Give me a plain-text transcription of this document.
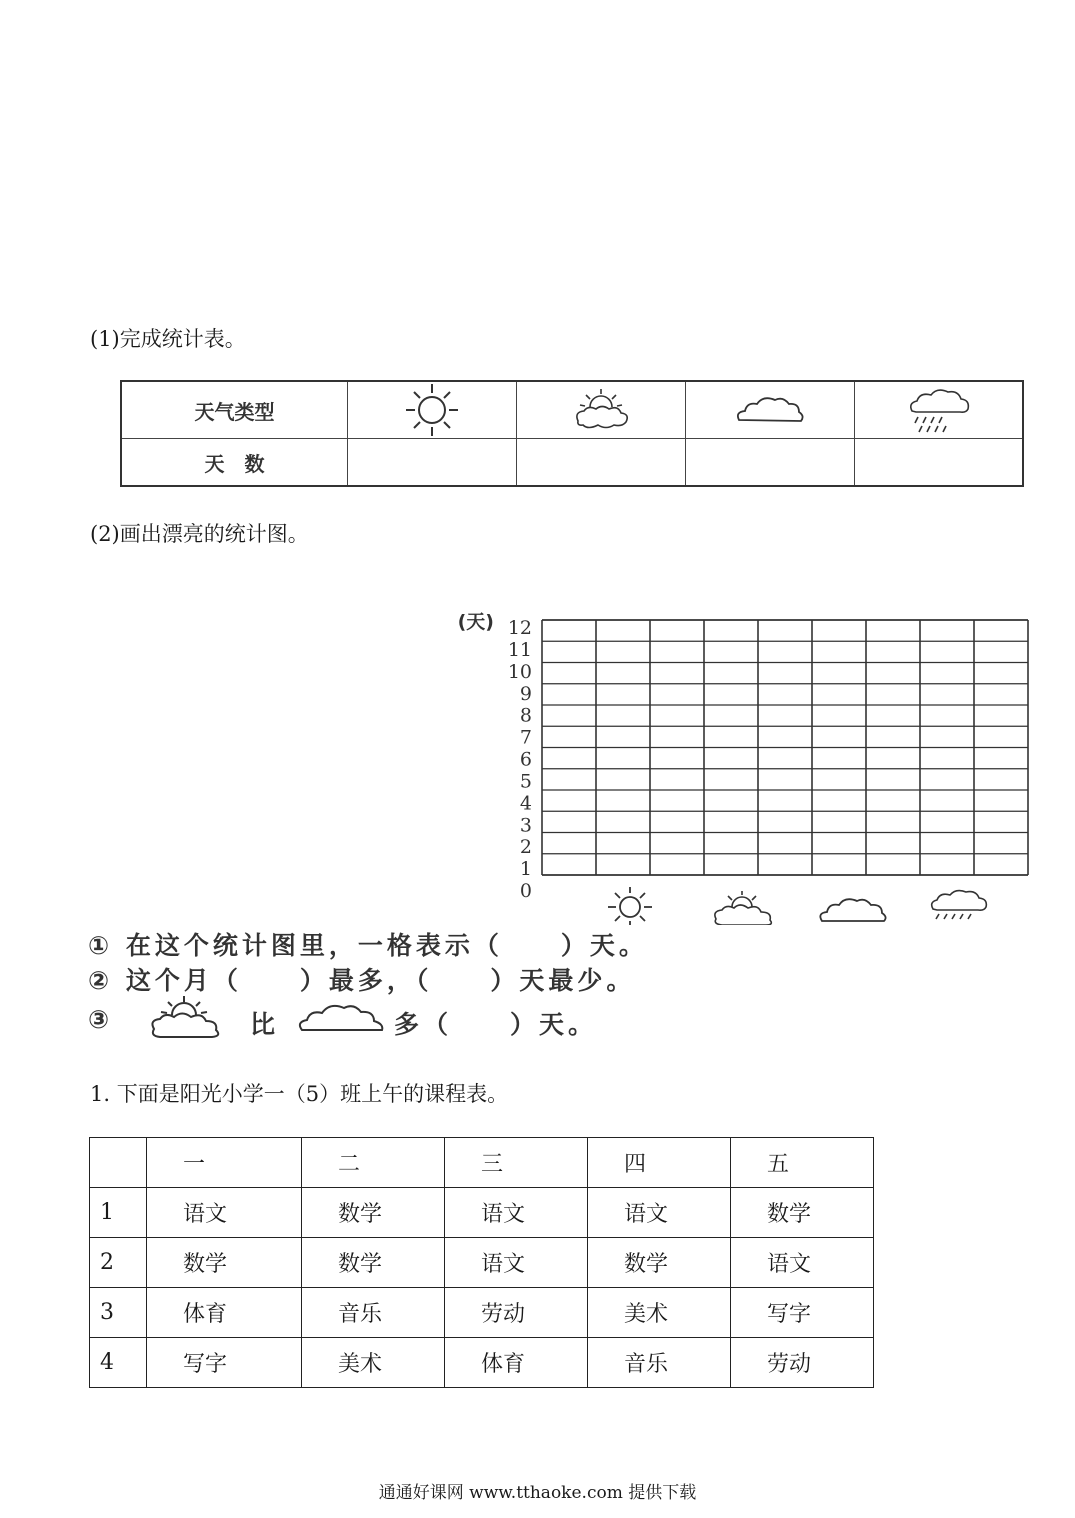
(1)完成统计表。
天气类型
天　数
(2)画出漂亮的统计图。
0
1
2
3
4
5
6
7
8
9
10
11
12
(天)
① 在这个统计图里，一格表示（　　）天。
② 这个月（　　）最多，（　　）天最少。
③	比	多（　　）天。
1. 下面是阳光小学一（5）班上午的课程表。
	一	二	三	四	五
1	语文	数学	语文	语文	数学
2	数学	数学	语文	数学	语文
3	体育	音乐	劳动	美术	写字
4	写字	美术	体育	音乐	劳动
通通好课网 www.tthaoke.com 提供下载
